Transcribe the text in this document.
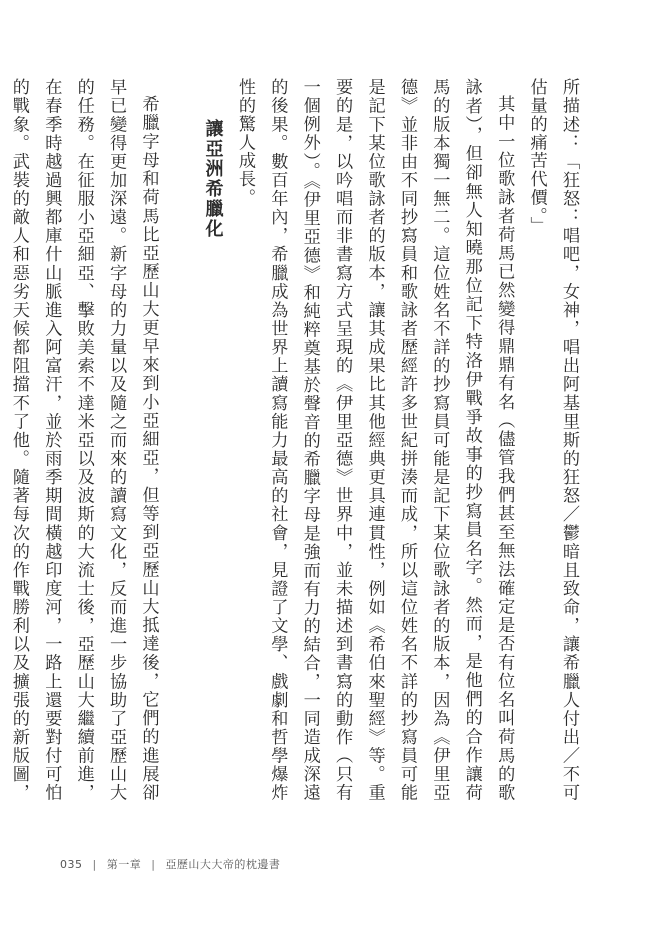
所描述：「狂怒：唱吧，女神，唱出阿基里斯的狂怒／鬱暗且致命，讓希臘人付出／不可估量的痛苦代價。」

其中一位歌詠者荷馬已然變得鼎鼎有名（儘管我們甚至無法確定是否有位名叫荷馬的歌詠者），但卻無人知曉那位記下特洛伊戰爭故事的抄寫員名字。然而，是他們的合作讓荷馬的版本獨一無二。這位姓名不詳的抄寫員可能是記下某位歌詠者的版本，因為《伊里亞德》並非由不同抄寫員和歌詠者歷經許多世紀拼湊而成，所以這位姓名不詳的抄寫員可能是記下某位歌詠者的版本，讓其成果比其他經典更具連貫性，例如《希伯來聖經》等。重要的是，以吟唱而非書寫方式呈現的《伊里亞德》世界中，並未描述到書寫的動作（只有一個例外）。《伊里亞德》和純粹奠基於聲音的希臘字母是強而有力的結合，一同造成深遠的後果。數百年內，希臘成為世界上讀寫能力最高的社會，見證了文學、戲劇和哲學爆炸性的驚人成長。

讓亞洲希臘化

希臘字母和荷馬比亞歷山大更早來到小亞細亞，但等到亞歷山大抵達後，它們的進展卻早已變得更加深遠。新字母的力量以及隨之而來的讀寫文化，反而進一步協助了亞歷山大的任務。在征服小亞細亞、擊敗美索不達米亞以及波斯的大流士後，亞歷山大繼續前進，在春季時越過興都庫什山脈進入阿富汗，並於雨季期間橫越印度河，一路上還要對付可怕的戰象。武裝的敵人和惡劣天候都阻擋不了他。隨著每次的作戰勝利以及擴張的新版圖，

035 | 第一章 | 亞歷山大大帝的枕邊書
